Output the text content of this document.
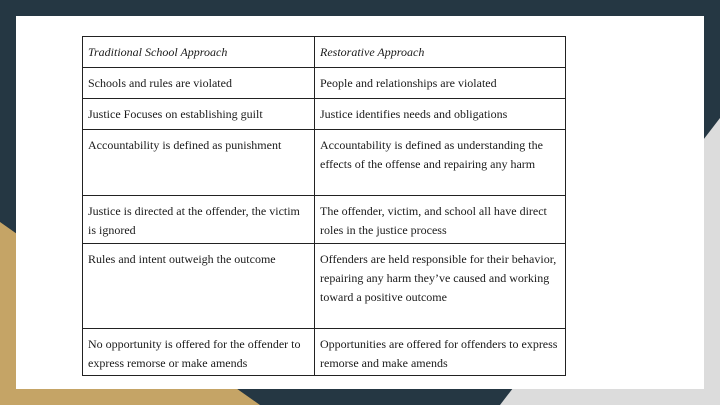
Traditional School Approach	Restorative Approach
Schools and rules are violated	People and relationships are violated
Justice Focuses on establishing guilt	Justice identifies needs and obligations
Accountability is defined as punishment	Accountability is defined as understanding the effects of the offense and repairing any harm
Justice is directed at the offender, the victim is ignored	The offender, victim, and school all have direct roles in the justice process
Rules and intent outweigh the outcome	Offenders are held responsible for their behavior, repairing any harm they’ve caused and working toward a positive outcome
No opportunity is offered for the offender to express remorse or make amends	Opportunities are offered for offenders to express remorse and make amends
